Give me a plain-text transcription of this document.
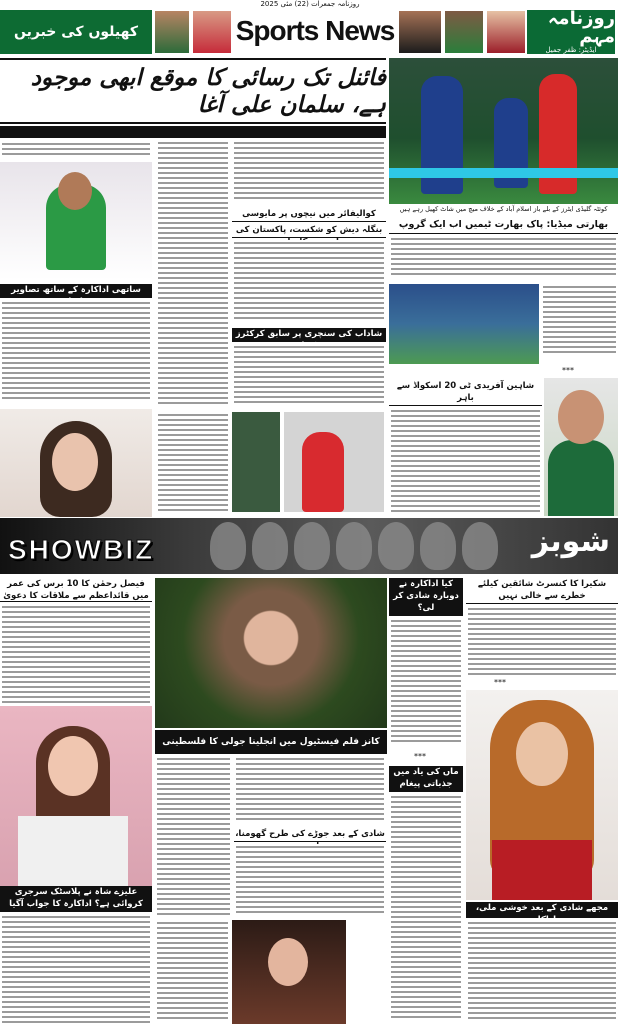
روزنامہ جمعرات (22) مئی 2025
کھیلوں کی خبریں	Sports News	روزنامہ مہم
ایڈیٹر: ظفر جمیل
فائنل تک رسائی کا موقع ابھی موجود ہے، سلمان علی آغا
کوئٹہ گلیڈی ایٹرز کے بلے باز اسلام آباد کے خلاف میچ میں شاٹ کھیل رہے ہیں
ساتھی اداکارہ کے ساتھ تصاویر
کوالیفائر میں نیچوں پر مایوسی
بنگلہ دیش کو شکست، پاکستان کی
شاداب کی سنچری پر سابق کرکٹرز
بھارتی میڈیا: پاک بھارت ٹیمیں اب ایک گروپ
***
شاہین آفریدی ٹی 20 اسکواڈ سے باہر
SHOWBIZ	شوبز
فیصل رحمٰن کا 10 برس کی عمر میں قائداعظم سے ملاقات کا دعویٰ
علیزے شاہ نے پلاسٹک سرجری کروائی ہے؟ اداکارہ کا جواب آگیا
کانز فلم فیسٹیول میں انجلینا جولی کا فلسطینی
شادی کے بعد جوڑے کی طرح گھومنا،
کیا اداکارہ نے دوبارہ شادی کر لی؟
***
ماں کی یاد میں جذباتی پیغام
شکیرا کا کنسرٹ شائقین کیلئے خطرے سے خالی نہیں
***
مجھے شادی کے بعد خوشی ملی،
